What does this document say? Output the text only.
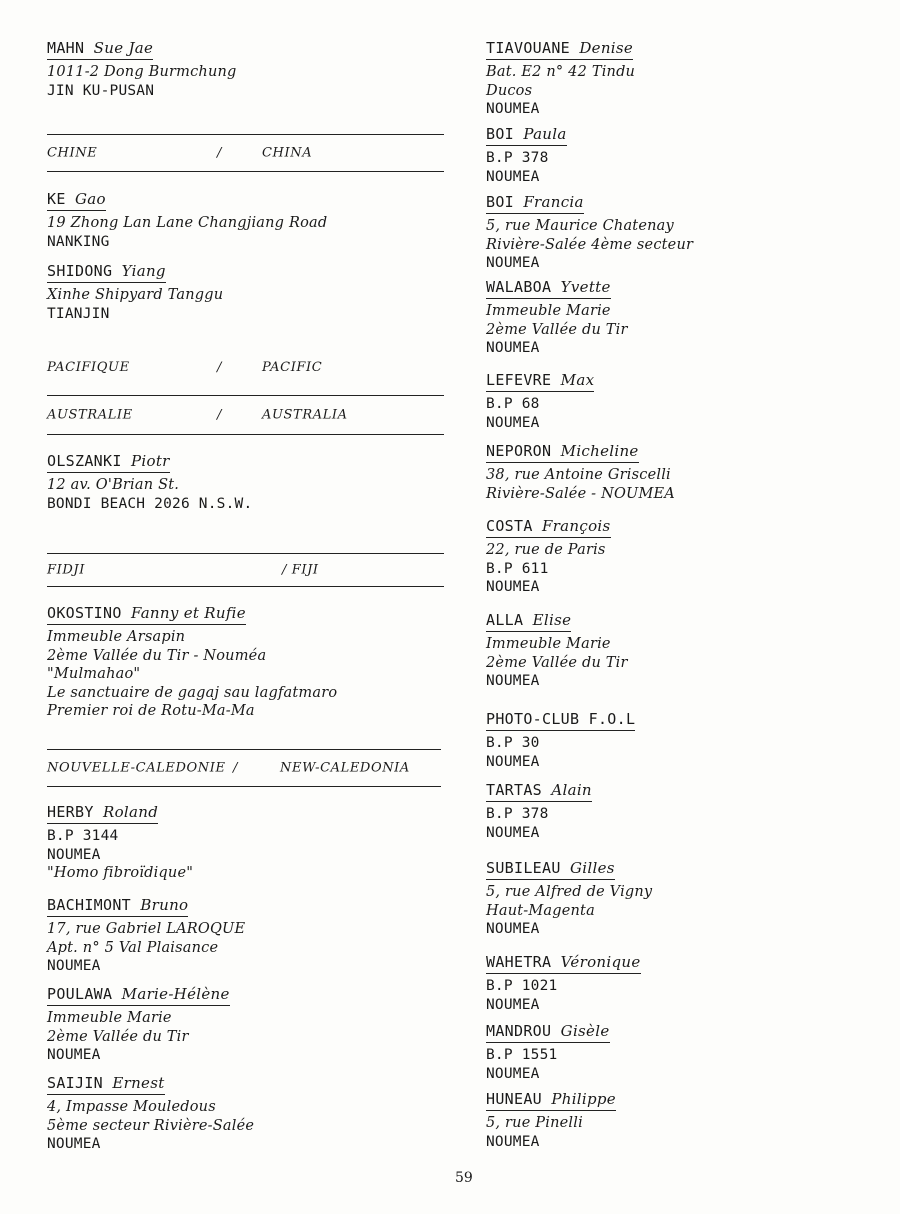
MAHN Sue Jae
1011-2 Dong Burmchung
JIN KU-PUSAN
CHINE	/	CHINA
KE Gao
19 Zhong Lan Lane Changjiang Road
NANKING
SHIDONG Yiang
Xinhe Shipyard Tanggu
TIANJIN
PACIFIQUE	/	PACIFIC
AUSTRALIE	/	AUSTRALIA
OLSZANKI Piotr
12 av. O'Brian St.
BONDI BEACH 2026 N.S.W.
FIDJI	/ FIJI
OKOSTINO Fanny et Rufie
Immeuble Arsapin
2ème Vallée du Tir - Nouméa
"Mulmahao"
Le sanctuaire de gagaj sau lagfatmaro
Premier roi de Rotu-Ma-Ma
NOUVELLE-CALEDONIE /	NEW-CALEDONIA
HERBY Roland
B.P 3144
NOUMEA
"Homo fibroïdique"
BACHIMONT Bruno
17, rue Gabriel LAROQUE
Apt. n° 5 Val Plaisance
NOUMEA
POULAWA Marie-Hélène
Immeuble Marie
2ème Vallée du Tir
NOUMEA
SAIJIN Ernest
4, Impasse Mouledous
5ème secteur Rivière-Salée
NOUMEA
TIAVOUANE Denise
Bat. E2 n° 42 Tindu
Ducos
NOUMEA
BOI Paula
B.P 378
NOUMEA
BOI Francia
5, rue Maurice Chatenay
Rivière-Salée 4ème secteur
NOUMEA
WALABOA Yvette
Immeuble Marie
2ème Vallée du Tir
NOUMEA
LEFEVRE Max
B.P 68
NOUMEA
NEPORON Micheline
38, rue Antoine Griscelli
Rivière-Salée - NOUMEA
COSTA François
22, rue de Paris
B.P 611
NOUMEA
ALLA Elise
Immeuble Marie
2ème Vallée du Tir
NOUMEA
PHOTO-CLUB F.O.L
B.P 30
NOUMEA
TARTAS Alain
B.P 378
NOUMEA
SUBILEAU Gilles
5, rue Alfred de Vigny
Haut-Magenta
NOUMEA
WAHETRA Véronique
B.P 1021
NOUMEA
MANDROU Gisèle
B.P 1551
NOUMEA
HUNEAU Philippe
5, rue Pinelli
NOUMEA
59
